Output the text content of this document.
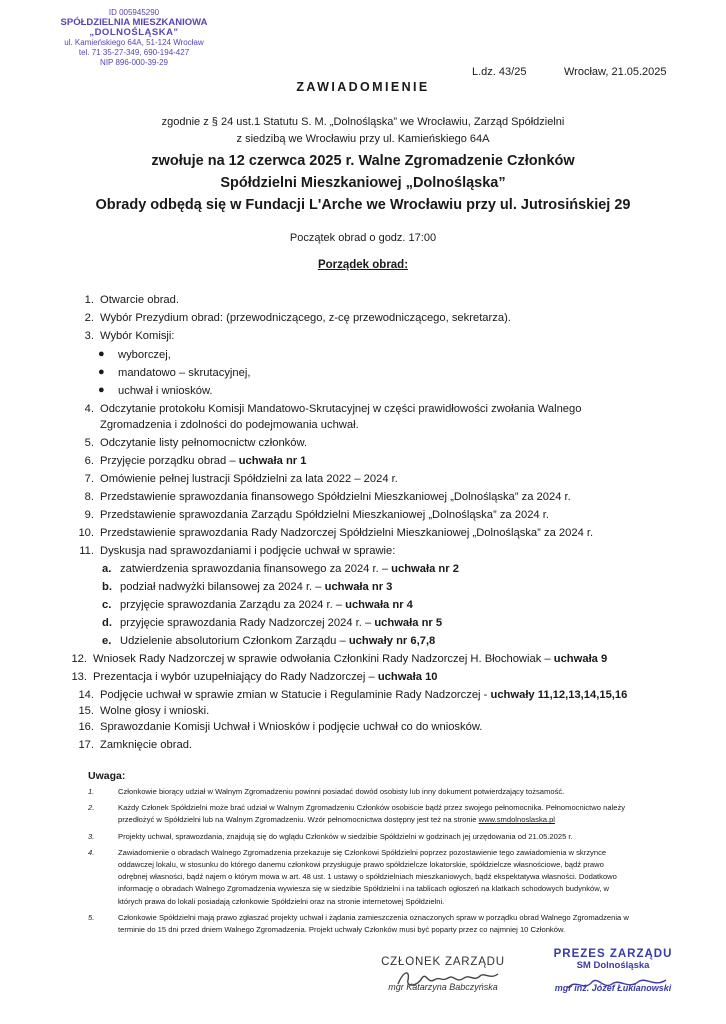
ID 005945290
SPÓŁDZIELNIA MIESZKANIOWA
„DOLNOŚLĄSKA”
ul. Kamieńskiego 64A, 51-124 Wrocław
tel. 71 35-27-349, 690-194-427
NIP 896-000-39-29
L.dz. 43/25	Wrocław, 21.05.2025
ZAWIADOMIENIE
zgodnie z § 24 ust.1 Statutu S. M. „Dolnośląska” we Wrocławiu, Zarząd Spółdzielni
z siedzibą we Wrocławiu przy ul. Kamieńskiego 64A
zwołuje na 12 czerwca 2025 r. Walne Zgromadzenie Członków
Spółdzielni Mieszkaniowej „Dolnośląska”
Obrady odbędą się w Fundacji L'Arche we Wrocławiu przy ul. Jutrosińskiej 29
Początek obrad o godz. 17:00
Porządek obrad:
1. Otwarcie obrad.
2. Wybór Prezydium obrad: (przewodniczącego, z-cę przewodniczącego, sekretarza).
3. Wybór Komisji:
● wyborczej,
● mandatowo – skrutacyjnej,
● uchwał i wniosków.
4. Odczytanie protokołu Komisji Mandatowo-Skrutacyjnej w części prawidłowości zwołania Walnego
Zgromadzenia i zdolności do podejmowania uchwał.
5. Odczytanie listy pełnomocnictw członków.
6. Przyjęcie porządku obrad – uchwała nr 1
7. Omówienie pełnej lustracji Spółdzielni za lata 2022 – 2024 r.
8. Przedstawienie sprawozdania finansowego Spółdzielni Mieszkaniowej „Dolnośląska” za 2024 r.
9. Przedstawienie sprawozdania Zarządu Spółdzielni Mieszkaniowej „Dolnośląska” za 2024 r.
10. Przedstawienie sprawozdania Rady Nadzorczej Spółdzielni Mieszkaniowej „Dolnośląska” za 2024 r.
11. Dyskusja nad sprawozdaniami i podjęcie uchwał w sprawie:
a. zatwierdzenia sprawozdania finansowego za 2024 r. – uchwała nr 2
b. podział nadwyżki bilansowej za 2024 r. – uchwała nr 3
c. przyjęcie sprawozdania Zarządu za 2024 r. – uchwała nr 4
d. przyjęcie sprawozdania Rady Nadzorczej 2024 r. – uchwała nr 5
e. Udzielenie absolutorium Członkom Zarządu – uchwały nr 6,7,8
12. Wniosek Rady Nadzorczej w sprawie odwołania Członkini Rady Nadzorczej H. Błochowiak – uchwała 9
13. Prezentacja i wybór uzupełniający do Rady Nadzorczej – uchwała 10
14. Podjęcie uchwał w sprawie zmian w Statucie i Regulaminie Rady Nadzorczej - uchwały 11,12,13,14,15,16
15. Wolne głosy i wnioski.
16. Sprawozdanie Komisji Uchwał i Wniosków i podjęcie uchwał co do wniosków.
17. Zamknięcie obrad.
Uwaga:
1.	Członkowie biorący udział w Walnym Zgromadzeniu powinni posiadać dowód osobisty lub inny dokument potwierdzający tożsamość.
2.	Każdy Członek Spółdzielni może brać udział w Walnym Zgromadzeniu Członków osobiście bądź przez swojego pełnomocnika. Pełnomocnictwo należy
przedłożyć w Spółdzielni lub na Walnym Zgromadzeniu. Wzór pełnomocnictwa dostępny jest też na stronie www.smdolnoslaska.pl
3.	Projekty uchwał, sprawozdania, znajdują się do wglądu Członków w siedzibie Spółdzielni w godzinach jej urzędowania od 21.05.2025 r.
4.	Zawiadomienie o obradach Walnego Zgromadzenia przekazuje się Członkowi Spółdzielni poprzez pozostawienie tego zawiadomienia w skrzynce
oddawczej lokalu, w stosunku do którego danemu członkowi przysługuje prawo spółdzielcze lokatorskie, spółdzielcze własnościowe, bądź prawo
odrębnej własności, bądź najem o którym mowa w art. 48 ust. 1 ustawy o spółdzielniach mieszkaniowych, bądź ekspektatywa własności. Dodatkowo
informację o obradach Walnego Zgromadzenia wywiesza się w siedzibie Spółdzielni i na tablicach ogłoszeń na klatkach schodowych budynków, w
których prawa do lokali posiadają członkowie Spółdzielni oraz na stronie internetowej Spółdzielni.
5.	Członkowie Spółdzielni mają prawo zgłaszać projekty uchwał i żądania zamieszczenia oznaczonych spraw w porządku obrad Walnego Zgromadzenia w
terminie do 15 dni przed dniem Walnego Zgromadzenia. Projekt uchwały Członków musi być poparty przez co najmniej 10 Członków.
CZŁONEK ZARZĄDU
mgr Katarzyna Babczyńska
PREZES ZARZĄDU
SM Dolnośląska
mgr inż. Józef Łukianowski
